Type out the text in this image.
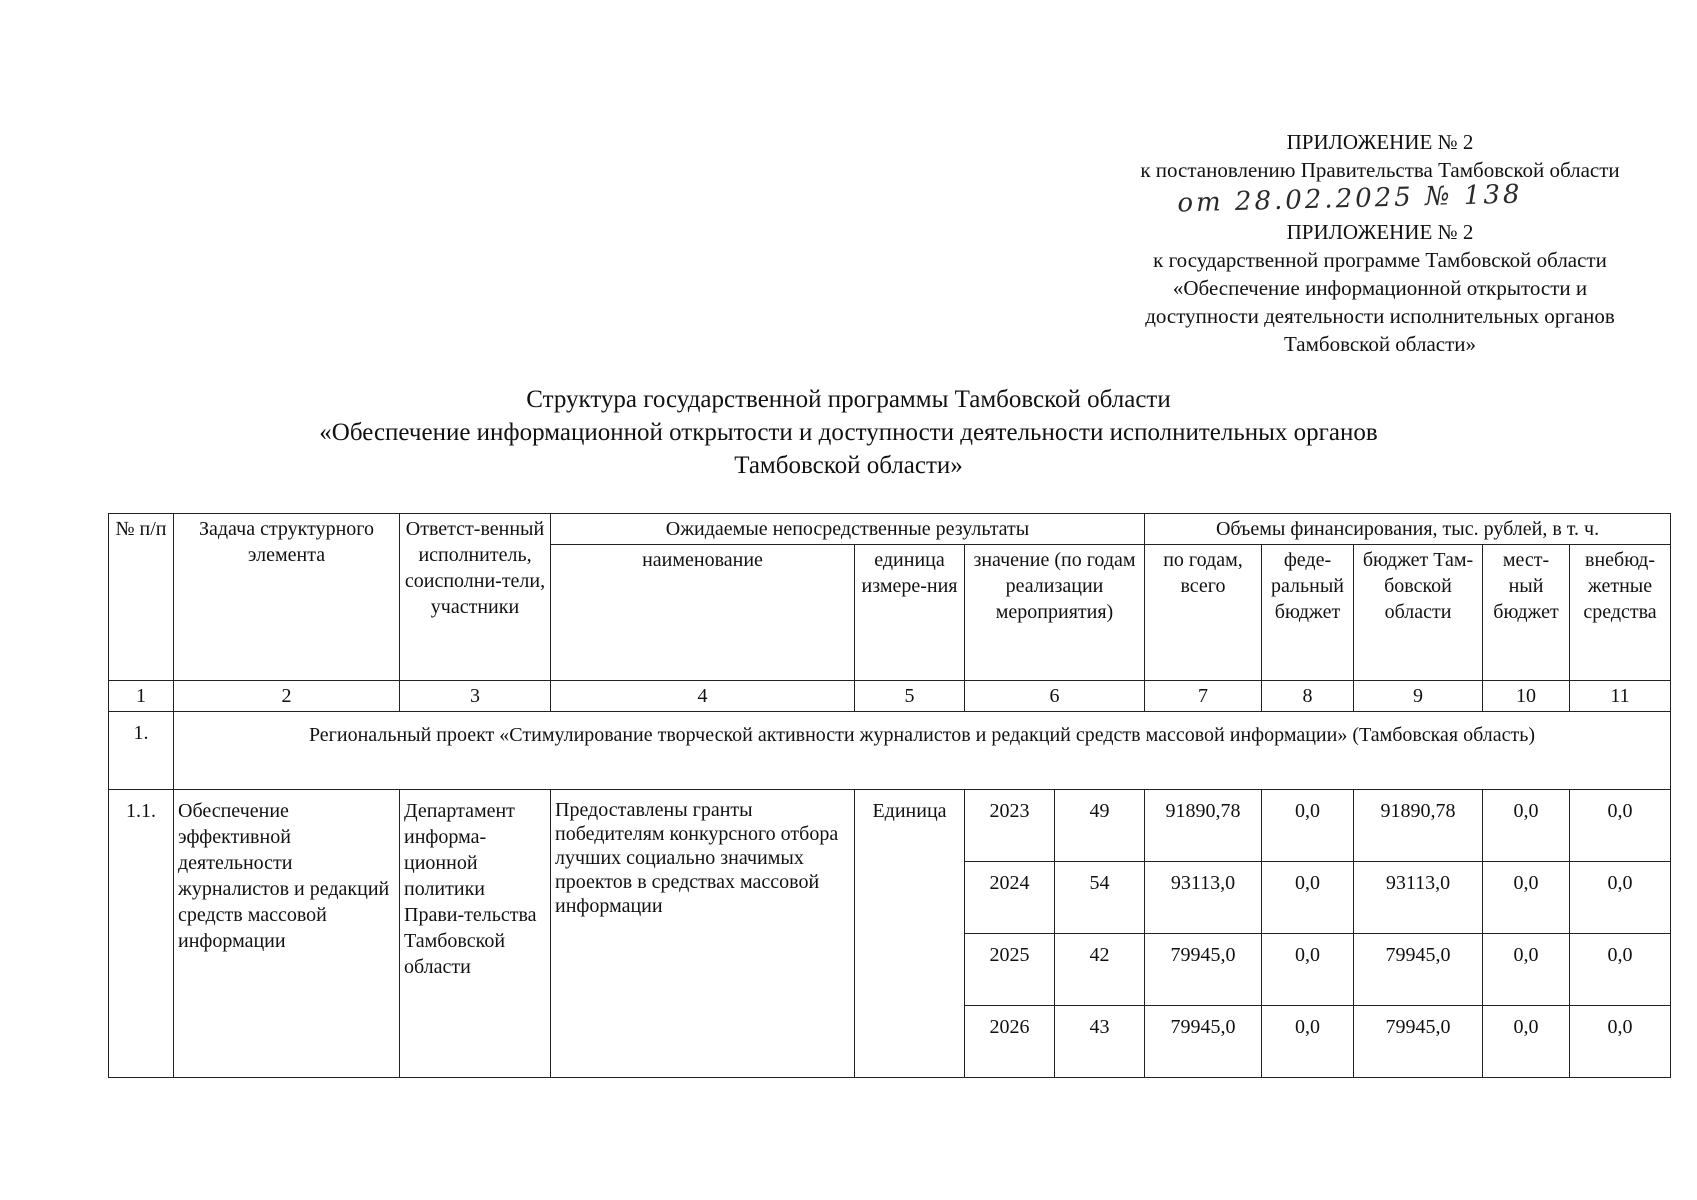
ПРИЛОЖЕНИЕ № 2
к постановлению Правительства Тамбовской области
от 28.02.2025 № 138
ПРИЛОЖЕНИЕ № 2
к государственной программе Тамбовской области
«Обеспечение информационной открытости и
доступности деятельности исполнительных органов
Тамбовской области»
Структура государственной программы Тамбовской области
«Обеспечение информационной открытости и доступности деятельности исполнительных органов
Тамбовской области»
№ п/п	Задача структурного элемента	Ответст-венный исполнитель, соисполни-тели, участники	Ожидаемые непосредственные результаты				Объемы финансирования, тыс. рублей, в т. ч.				
			наименование	единица измере-ния	значение (по годам реализации мероприятия)		по годам, всего	феде-ральный бюджет	бюджет Там-бовской области	мест-ный бюджет	внебюд-жетные средства
1	2	3	4	5	6		7	8	9	10	11
1.	Региональный проект «Стимулирование творческой активности журналистов и редакций средств массовой информации» (Тамбовская область)										
1.1.	Обеспечение эффективной деятельности журналистов и редакций средств массовой информации	Департамент информа-ционной политики Прави-тельства Тамбовской области	Предоставлены гранты победителям конкурсного отбора лучших социально значимых проектов в средствах массовой информации	Единица	2023	49	91890,78	0,0	91890,78	0,0	0,0
					2024	54	93113,0	0,0	93113,0	0,0	0,0
					2025	42	79945,0	0,0	79945,0	0,0	0,0
					2026	43	79945,0	0,0	79945,0	0,0	0,0
